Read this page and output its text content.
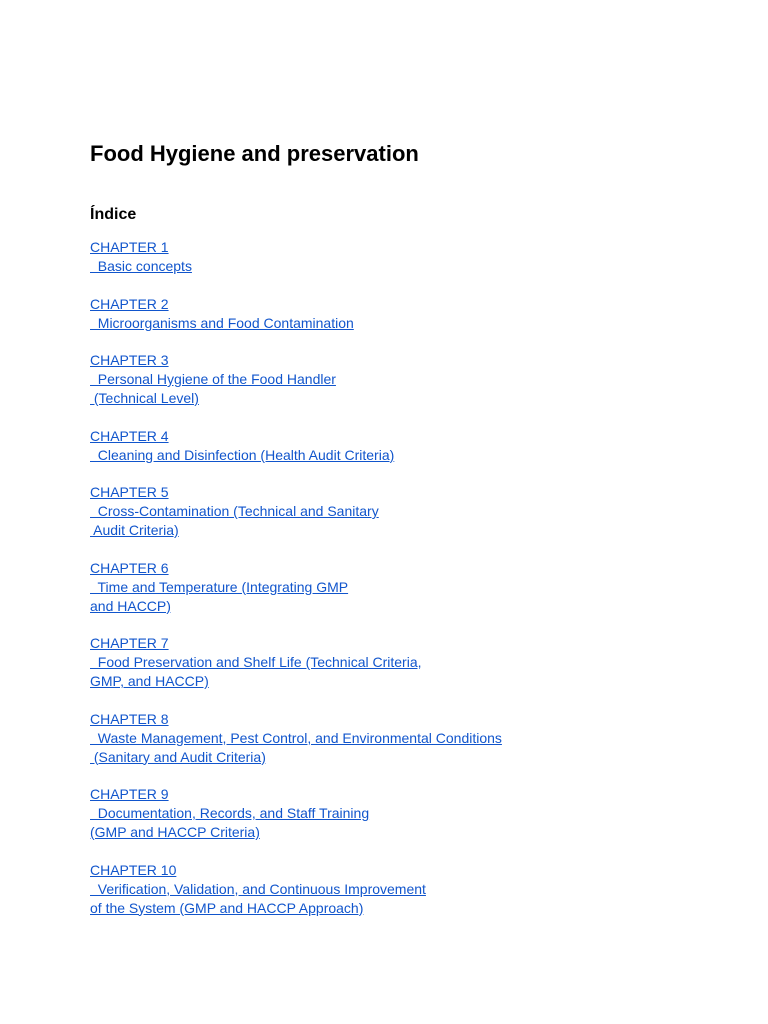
Food Hygiene and preservation
Índice
CHAPTER 1
Basic concepts
CHAPTER 2
Microorganisms and Food Contamination
CHAPTER 3
Personal Hygiene of the Food Handler
(Technical Level)
CHAPTER 4
Cleaning and Disinfection (Health Audit Criteria)
CHAPTER 5
Cross-Contamination (Technical and Sanitary
Audit Criteria)
CHAPTER 6
Time and Temperature (Integrating GMP
and HACCP)
CHAPTER 7
Food Preservation and Shelf Life (Technical Criteria,
GMP, and HACCP)
CHAPTER 8
Waste Management, Pest Control, and Environmental Conditions
(Sanitary and Audit Criteria)
CHAPTER 9
Documentation, Records, and Staff Training
(GMP and HACCP Criteria)
CHAPTER 10
Verification, Validation, and Continuous Improvement
of the System (GMP and HACCP Approach)
